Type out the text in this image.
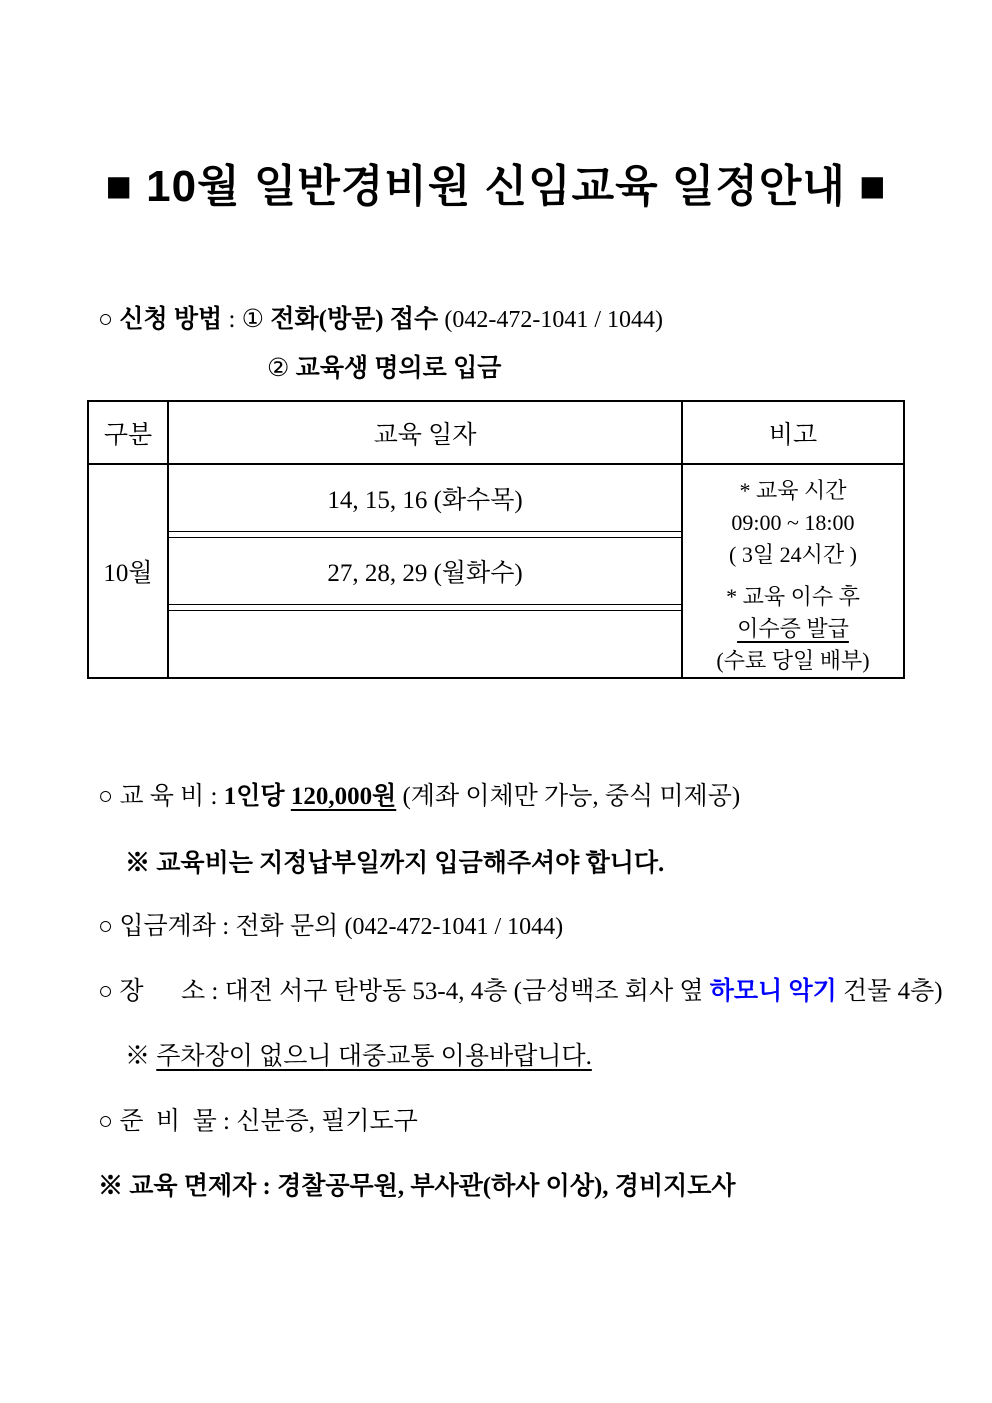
■ 10월 일반경비원 신임교육 일정안내 ■

○ 신청 방법 : ① 전화(방문) 접수 (042-472-1041 / 1044)

② 교육생 명의로 입금

구분	교육 일자	비고
10월
14, 15, 16 (화수목)
27, 28, 29 (월화수)
* 교육 시간
09:00 ~ 18:00
( 3일 24시간 )
* 교육 이수 후
이수증 발급
(수료 당일 배부)

○ 교 육 비 : 1인당 120,000원 (계좌 이체만 가능, 중식 미제공)

※ 교육비는 지정납부일까지 입금해주셔야 합니다.

○ 입금계좌 : 전화 문의 (042-472-1041 / 1044)

○ 장      소 : 대전 서구 탄방동 53-4, 4층 (금성백조 회사 옆 하모니 악기 건물 4층)

※ 주차장이 없으니 대중교통 이용바랍니다.

○ 준  비  물 : 신분증, 필기도구

※ 교육 면제자 : 경찰공무원, 부사관(하사 이상), 경비지도사
